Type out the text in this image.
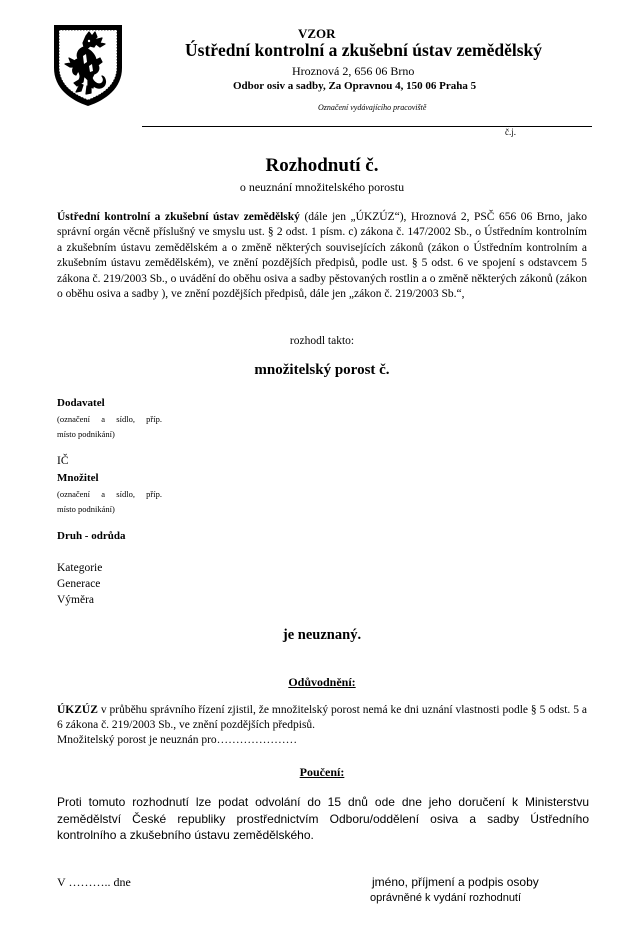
VZOR
Ústřední kontrolní a zkušební ústav zemědělský
Hroznová 2, 656 06 Brno
Odbor osiv a sadby, Za Opravnou 4, 150 06 Praha 5
Označení vydávajícího pracoviště
č.j.
Rozhodnutí č.
o neuznání množitelského porostu
Ústřední kontrolní a zkušební ústav zemědělský (dále jen „ÚKZÚZ“), Hroznová 2, PSČ 656 06 Brno, jako správní orgán věcně příslušný ve smyslu ust. § 2 odst. 1 písm. c) zákona č. 147/2002 Sb., o Ústředním kontrolním a zkušebním ústavu zemědělském a o změně některých souvisejících zákonů (zákon o Ústředním kontrolním a zkušebním ústavu zemědělském), ve znění pozdějších předpisů, podle ust. § 5 odst. 6 ve spojení s odstavcem 5 zákona č. 219/2003 Sb., o uvádění do oběhu osiva a sadby pěstovaných rostlin a o změně některých zákonů (zákon o oběhu osiva a sadby ), ve znění pozdějších předpisů, dále jen „zákon č. 219/2003 Sb.“,
rozhodl takto:
množitelský porost č.
Dodavatel
(označení a sídlo, příp.
místo podnikání)
IČ
Množitel
(označení a sídlo, příp.
místo podnikání)
Druh - odrůda
Kategorie
Generace
Výměra
je neuznaný.
Odůvodnění:
ÚKZÚZ v průběhu správního řízení zjistil, že množitelský porost nemá ke dni uznání vlastnosti podle § 5 odst. 5 a 6 zákona č. 219/2003 Sb., ve znění pozdějších předpisů.
Množitelský porost je neuznán pro…………………
Poučení:
Proti tomuto rozhodnutí lze podat odvolání do 15 dnů ode dne jeho doručení k Ministerstvu zemědělství České republiky prostřednictvím Odboru/oddělení osiva a sadby Ústředního kontrolního a zkušebního ústavu zemědělského.
V ……….. dne	jméno, příjmení a podpis osoby
oprávněné k vydání rozhodnutí
